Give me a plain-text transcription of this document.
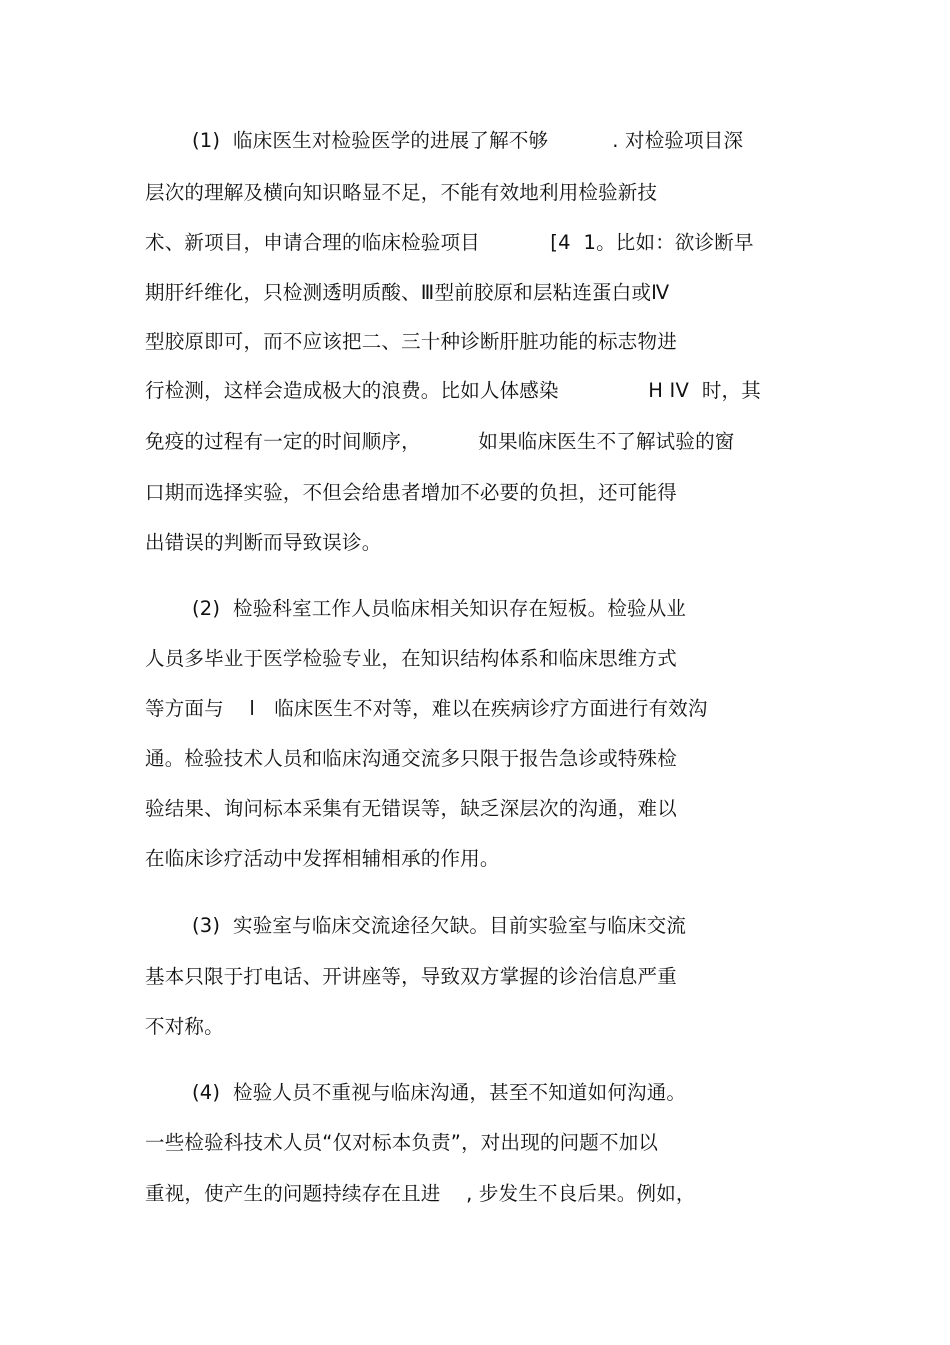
(1)  临床医生对检验医学的进展了解不够          . 对检验项目深
层次的理解及横向知识略显不足，不能有效地利用检验新技
术、新项目，申请合理的临床检验项目           [4  1。比如：欲诊断早
期肝纤维化，只检测透明质酸、Ⅲ型前胶原和层粘连蛋白或Ⅳ
型胶原即可，而不应该把二、三十种诊断肝脏功能的标志物进
行检测，这样会造成极大的浪费。比如人体感染              H IV  时，其
免疫的过程有一定的时间顺序，         如果临床医生不了解试验的窗
口期而选择实验，不但会给患者增加不必要的负担，还可能得
出错误的判断而导致误诊。
(2)  检验科室工作人员临床相关知识存在短板。检验从业
人员多毕业于医学检验专业，在知识结构体系和临床思维方式
等方面与    l   临床医生不对等，难以在疾病诊疗方面进行有效沟
通。检验技术人员和临床沟通交流多只限于报告急诊或特殊检
验结果、询问标本采集有无错误等，缺乏深层次的沟通，难以
在临床诊疗活动中发挥相辅相承的作用。
(3)  实验室与临床交流途径欠缺。目前实验室与临床交流
基本只限于打电话、开讲座等，导致双方掌握的诊治信息严重
不对称。
(4)  检验人员不重视与临床沟通，甚至不知道如何沟通。
一些检验科技术人员“仅对标本负责”，对出现的问题不加以
重视，使产生的问题持续存在且进    , 步发生不良后果。例如，
